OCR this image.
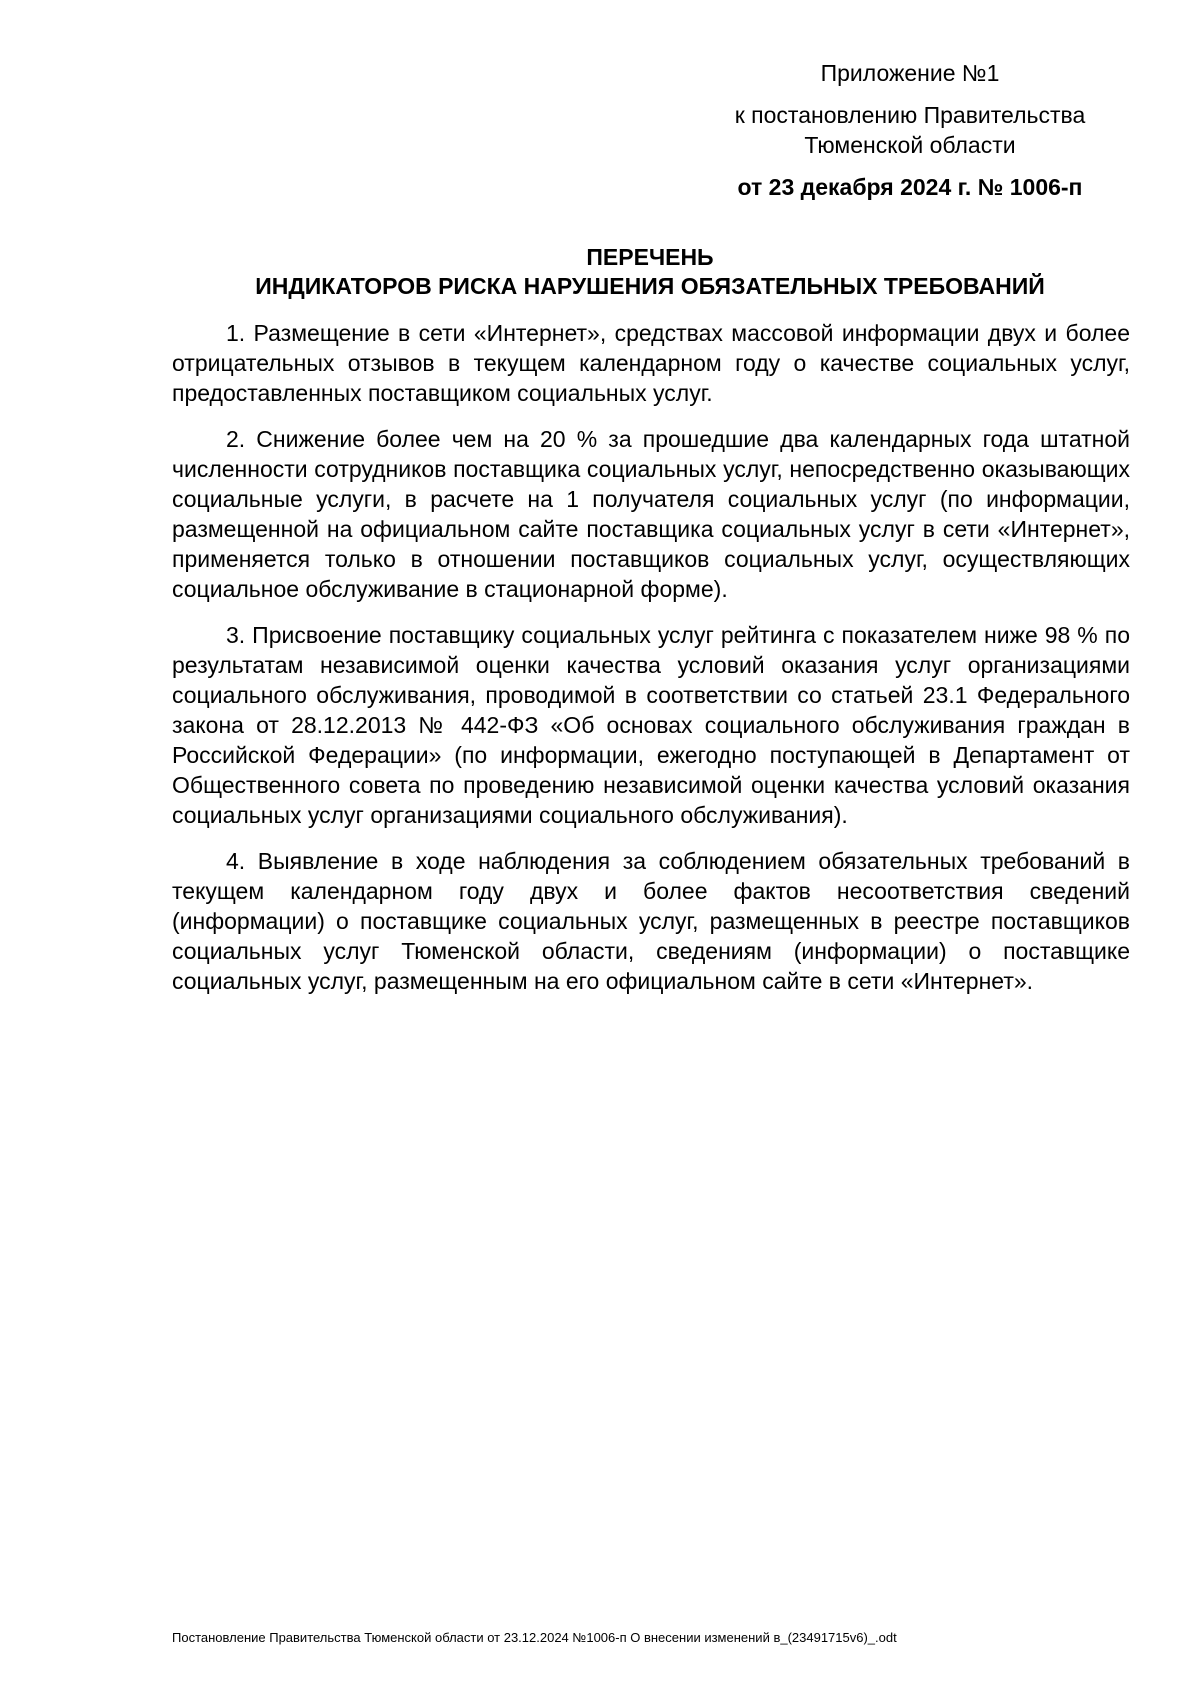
Приложение №1
к постановлению Правительства Тюменской области
от 23 декабря 2024 г. № 1006-п
ПЕРЕЧЕНЬ
ИНДИКАТОРОВ РИСКА НАРУШЕНИЯ ОБЯЗАТЕЛЬНЫХ ТРЕБОВАНИЙ

1. Размещение в сети «Интернет», средствах массовой информации двух и более отрицательных отзывов в текущем календарном году о качестве социальных услуг, предоставленных поставщиком социальных услуг.

2. Снижение более чем на 20 % за прошедшие два календарных года штатной численности сотрудников поставщика социальных услуг, непосредственно оказывающих социальные услуги, в расчете на 1 получателя социальных услуг (по информации, размещенной на официальном сайте поставщика социальных услуг в сети «Интернет», применяется только в отношении поставщиков социальных услуг, осуществляющих социальное обслуживание в стационарной форме).

3. Присвоение поставщику социальных услуг рейтинга с показателем ниже 98 % по результатам независимой оценки качества условий оказания услуг организациями социального обслуживания, проводимой в соответствии со статьей 23.1 Федерального закона от 28.12.2013 № 442-ФЗ «Об основах социального обслуживания граждан в Российской Федерации» (по информации, ежегодно поступающей в Департамент от Общественного совета по проведению независимой оценки качества условий оказания социальных услуг организациями социального обслуживания).

4. Выявление в ходе наблюдения за соблюдением обязательных требований в текущем календарном году двух и более фактов несоответствия сведений (информации) о поставщике социальных услуг, размещенных в реестре поставщиков социальных услуг Тюменской области, сведениям (информации) о поставщике социальных услуг, размещенным на его официальном сайте в сети «Интернет».

Постановление Правительства Тюменской области от 23.12.2024 №1006-п О внесении изменений в_(23491715v6)_.odt
